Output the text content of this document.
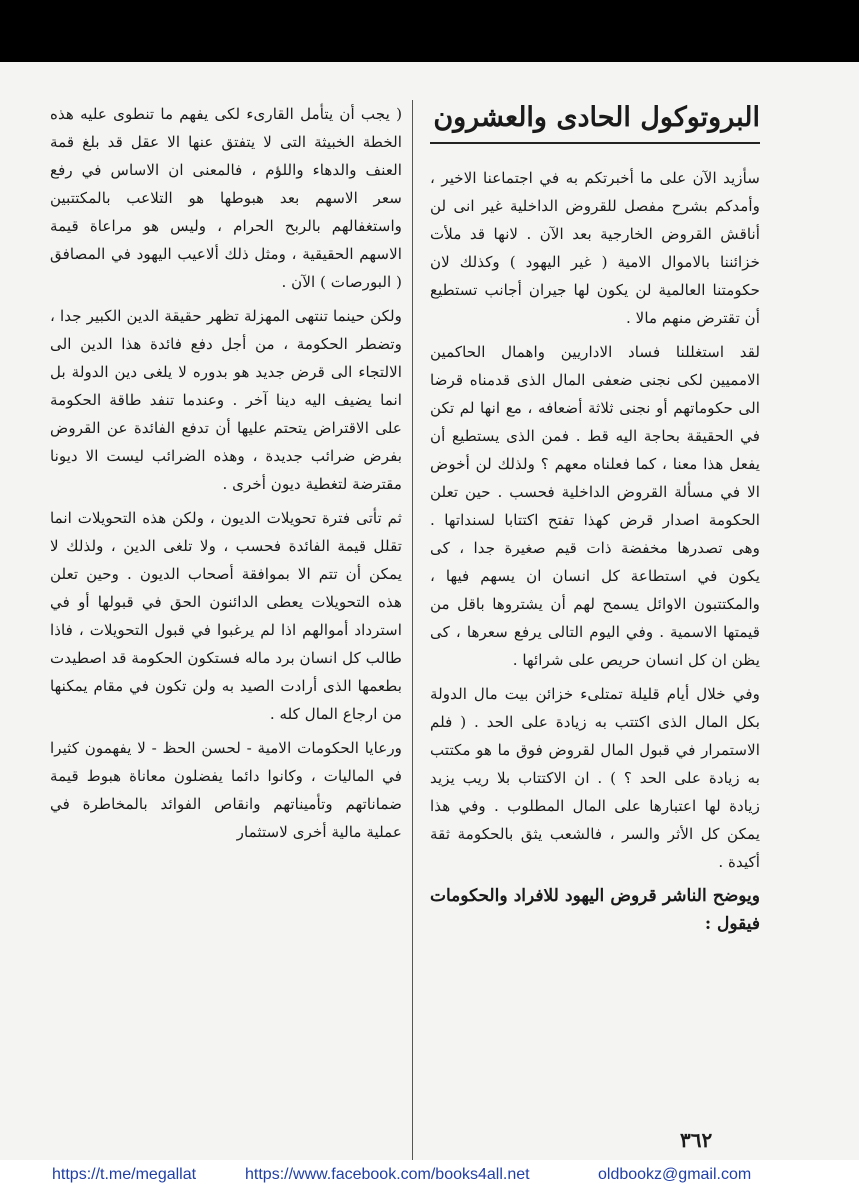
البروتوكول الحادى والعشرون

سأزيد الآن على ما أخبرتكم به في اجتماعنا الاخير ، وأمدكم بشرح مفصل للقروض الداخلية غير انى لن أناقش القروض الخارجية بعد الآن . لانها قد ملأت خزائننا بالاموال الامية ( غير اليهود ) وكذلك لان حكومتنا العالمية لن يكون لها جيران أجانب تستطيع أن تقترض منهم مالا .

لقد استغللنا فساد الاداريين واهمال الحاكمين الامميين لكى نجنى ضعفى المال الذى قدمناه قرضا الى حكوماتهم أو نجنى ثلاثة أضعافه ، مع انها لم تكن في الحقيقة بحاجة اليه قط . فمن الذى يستطيع أن يفعل هذا معنا ، كما فعلناه معهم ؟ ولذلك لن أخوض الا في مسألة القروض الداخلية فحسب . حين تعلن الحكومة اصدار قرض كهذا تفتح اكتتابا لسنداتها . وهى تصدرها مخفضة ذات قيم صغيرة جدا ، كى يكون في استطاعة كل انسان ان يسهم فيها ، والمكتتبون الاوائل يسمح لهم أن يشتروها باقل من قيمتها الاسمية . وفي اليوم التالى يرفع سعرها ، كى يظن ان كل انسان حريص على شرائها .

وفي خلال أيام قليلة تمتلىء خزائن بيت مال الدولة بكل المال الذى اكتتب به زيادة على الحد . ( فلم الاستمرار في قبول المال لقروض فوق ما هو مكتتب به زيادة على الحد ؟ ) . ان الاكتتاب بلا ريب يزيد زيادة لها اعتبارها على المال المطلوب . وفي هذا يمكن كل الأثر والسر ، فالشعب يثق بالحكومة ثقة أكيدة .

ويوضح الناشر قروض اليهود للافراد والحكومات فيقول :

( يجب أن يتأمل القارىء لكى يفهم ما تنطوى عليه هذه الخطة الخبيثة التى لا يتفتق عنها الا عقل قد بلغ قمة العنف والدهاء واللؤم ، فالمعنى ان الاساس في رفع سعر الاسهم بعد هبوطها هو التلاعب بالمكتتبين واستغفالهم بالربح الحرام ، وليس هو مراعاة قيمة الاسهم الحقيقية ، ومثل ذلك ألاعيب اليهود في المصافق ( البورصات ) الآن .

ولكن حينما تنتهى المهزلة تظهر حقيقة الدين الكبير جدا ، وتضطر الحكومة ، من أجل دفع فائدة هذا الدين الى الالتجاء الى قرض جديد هو بدوره لا يلغى دين الدولة بل انما يضيف اليه دينا آخر . وعندما تنفد طاقة الحكومة على الاقتراض يتحتم عليها أن تدفع الفائدة عن القروض بفرض ضرائب جديدة ، وهذه الضرائب ليست الا ديونا مقترضة لتغطية ديون أخرى .

ثم تأتى فترة تحويلات الديون ، ولكن هذه التحويلات انما تقلل قيمة الفائدة فحسب ، ولا تلغى الدين ، ولذلك لا يمكن أن تتم الا بموافقة أصحاب الديون . وحين تعلن هذه التحويلات يعطى الدائنون الحق في قبولها أو في استرداد أموالهم اذا لم يرغبوا في قبول التحويلات ، فاذا طالب كل انسان برد ماله فستكون الحكومة قد اصطيدت بطعمها الذى أرادت الصيد به ولن تكون في مقام يمكنها من ارجاع المال كله .

ورعايا الحكومات الامية - لحسن الحظ - لا يفهمون كثيرا في الماليات ، وكانوا دائما يفضلون معاناة هبوط قيمة ضماناتهم وتأميناتهم وانقاص الفوائد بالمخاطرة في عملية مالية أخرى لاستثمار

٣٦٢
https://t.me/megallat	https://www.facebook.com/books4all.net	oldbookz@gmail.com
